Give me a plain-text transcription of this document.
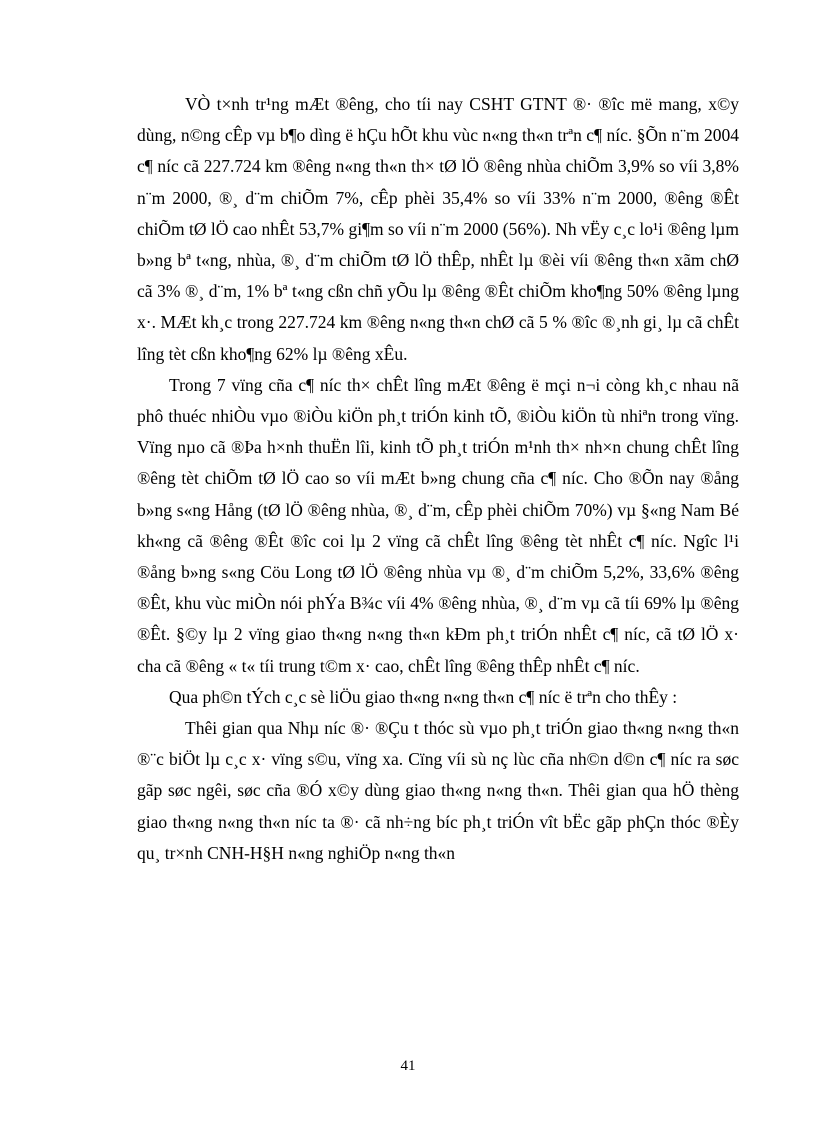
VÒ t×nh tr¹ng mÆt ®êng, cho tíi nay CSHT GTNT ®· ®îc më mang, x©y dùng, n©ng cÊp vµ b¶o dìng ë hÇu hÕt khu vùc n«ng th«n trªn c¶ níc. §Õn n¨m 2004 c¶ níc cã 227.724 km ®êng n«ng th«n th× tØ lÖ ®êng nhùa chiÕm 3,9% so víi 3,8% n¨m 2000, ®¸ d¨m chiÕm 7%, cÊp phèi 35,4% so víi 33% n¨m 2000, ®êng ®Êt chiÕm tØ lÖ cao nhÊt 53,7% gi¶m so víi n¨m 2000 (56%). Nh vËy c¸c lo¹i ®êng lµm b»ng bª t«ng, nhùa, ®¸ d¨m chiÕm tØ lÖ thÊp, nhÊt lµ ®èi víi ®êng th«n xãm chØ cã 3% ®¸ d¨m, 1% bª t«ng cßn chñ yÕu lµ ®êng ®Êt chiÕm kho¶ng 50% ®êng lµng x·. MÆt kh¸c trong 227.724 km ®êng n«ng th«n chØ cã 5 % ®îc ®¸nh gi¸ lµ cã chÊt lîng tèt cßn kho¶ng 62% lµ ®êng xÊu.

Trong 7 vïng cña c¶ níc th× chÊt lîng mÆt ®êng ë mçi n¬i còng kh¸c nhau nã phô thuéc nhiÒu vµo ®iÒu kiÖn ph¸t triÓn kinh tÕ, ®iÒu kiÖn tù nhiªn trong vïng. Vïng nµo cã ®Þa h×nh thuËn lîi, kinh tÕ ph¸t triÓn m¹nh th× nh×n chung chÊt lîng ®êng tèt chiÕm tØ lÖ cao so víi mÆt b»ng chung cña c¶ níc. Cho ®Õn nay ®ång b»ng s«ng Hång (tØ lÖ ®êng nhùa, ®¸ d¨m, cÊp phèi chiÕm 70%) vµ §«ng Nam Bé kh«ng cã ®êng ®Êt ®îc coi lµ 2 vïng cã chÊt lîng ®êng tèt nhÊt c¶ níc. Ngîc l¹i ®ång b»ng s«ng Cöu Long tØ lÖ ®êng nhùa vµ ®¸ d¨m chiÕm 5,2%, 33,6% ®êng ®Êt, khu vùc miÒn nói phÝa B¾c víi 4% ®êng nhùa, ®¸ d¨m vµ cã tíi 69% lµ ®êng ®Êt. §©y lµ 2 vïng giao th«ng n«ng th«n kÐm ph¸t triÓn nhÊt c¶ níc, cã tØ lÖ x· cha cã ®êng « t« tíi trung t©m x· cao, chÊt lîng ®êng thÊp nhÊt c¶ níc.

Qua ph©n tÝch c¸c sè liÖu giao th«ng n«ng th«n c¶ níc ë trªn cho thÊy :

Thêi gian qua Nhµ níc ®· ®Çu t thóc sù vµo ph¸t triÓn giao th«ng n«ng th«n ®¨c biÖt lµ c¸c x· vïng s©u, vïng xa. Cïng víi sù nç lùc cña nh©n d©n c¶ níc ra søc gãp søc ngêi, søc cña ®Ó x©y dùng giao th«ng n«ng th«n. Thêi gian qua hÖ thèng giao th«ng n«ng th«n níc ta ®· cã nh÷ng bíc ph¸t triÓn vît bËc gãp phÇn thóc ®Èy qu¸ tr×nh CNH-H§H n«ng nghiÖp n«ng th«n

41
